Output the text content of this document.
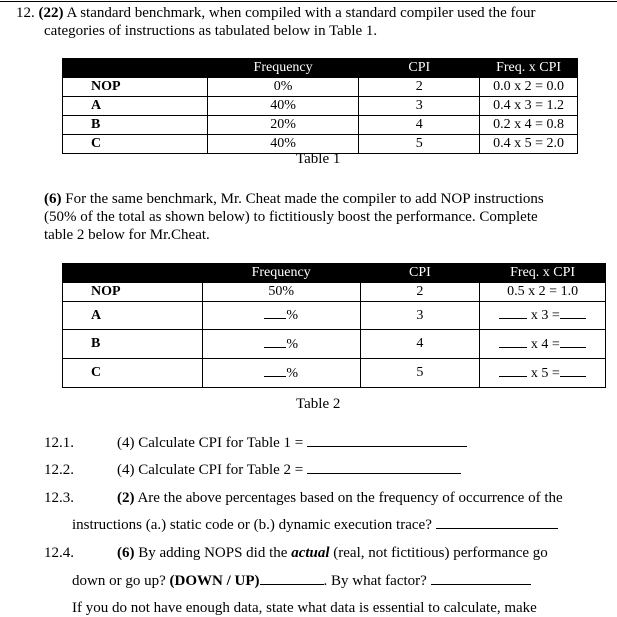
12. (22) A standard benchmark, when compiled with a standard compiler used the four
categories of instructions as tabulated below in Table 1.
	Frequency	CPI	Freq. x CPI
NOP	0%	2	0.0 x 2 = 0.0
A	40%	3	0.4 x 3 = 1.2
B	20%	4	0.2 x 4 = 0.8
C	40%	5	0.4 x 5 = 2.0
Table 1
(6) For the same benchmark, Mr. Cheat made the compiler to add NOP instructions
(50% of the total as shown below) to fictitiously boost the performance. Complete
table 2 below for Mr.Cheat.
	Frequency	CPI	Freq. x CPI
NOP	50%	2	0.5 x 2 = 1.0
A	%	3	x 3 =
B	%	4	x 4 =
C	%	5	x 5 =
Table 2
12.1.	(4) Calculate CPI for Table 1 =
12.2.	(4) Calculate CPI for Table 2 =
12.3.	(2) Are the above percentages based on the frequency of occurrence of the
instructions (a.) static code or (b.) dynamic execution trace?
12.4.	(6) By adding NOPS did the actual (real, not fictitious) performance go
down or go up? (DOWN / UP)	. By what factor?
If you do not have enough data, state what data is essential to calculate, make
